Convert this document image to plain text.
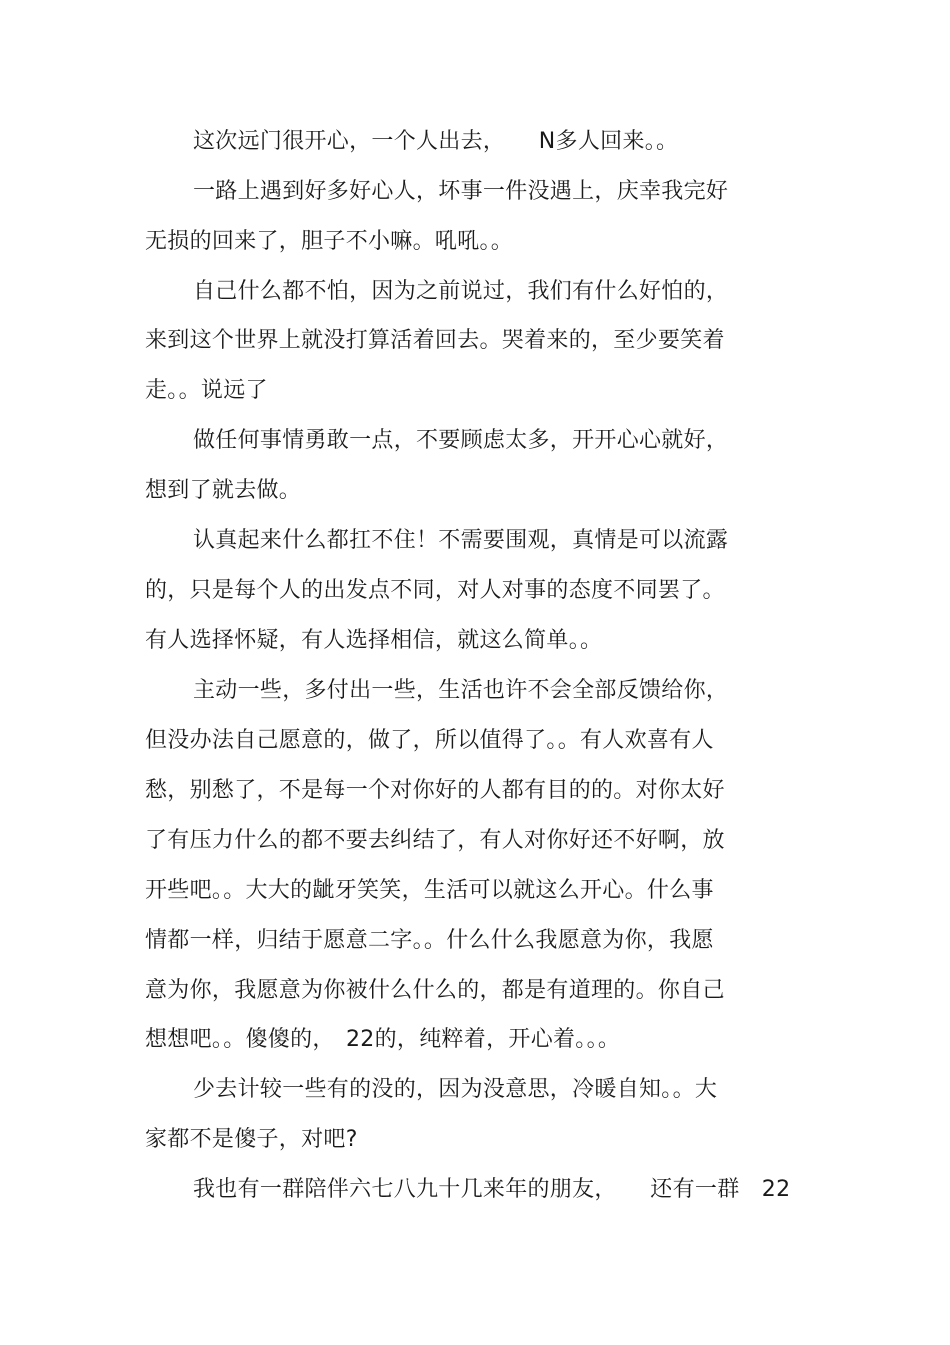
这次远门很开心，一个人出去，　　N多人回来。。
一路上遇到好多好心人，坏事一件没遇上，庆幸我完好
无损的回来了，胆子不小嘛。吼吼。。
自己什么都不怕，因为之前说过，我们有什么好怕的，
来到这个世界上就没打算活着回去。哭着来的，至少要笑着
走。。说远了
做任何事情勇敢一点，不要顾虑太多，开开心心就好，
想到了就去做。
认真起来什么都扛不住！不需要围观，真情是可以流露
的，只是每个人的出发点不同，对人对事的态度不同罢了。
有人选择怀疑，有人选择相信，就这么简单。。
主动一些，多付出一些，生活也许不会全部反馈给你，
但没办法自己愿意的，做了，所以值得了。。有人欢喜有人
愁，别愁了，不是每一个对你好的人都有目的的。对你太好
了有压力什么的都不要去纠结了，有人对你好还不好啊，放
开些吧。。大大的龇牙笑笑，生活可以就这么开心。什么事
情都一样，归结于愿意二字。。什么什么我愿意为你，我愿
意为你，我愿意为你被什么什么的，都是有道理的。你自己
想想吧。。傻傻的，　22的，纯粹着，开心着。。。
少去计较一些有的没的，因为没意思，冷暖自知。。大
家都不是傻子，对吧?
我也有一群陪伴六七八九十几来年的朋友，　　还有一群　22
